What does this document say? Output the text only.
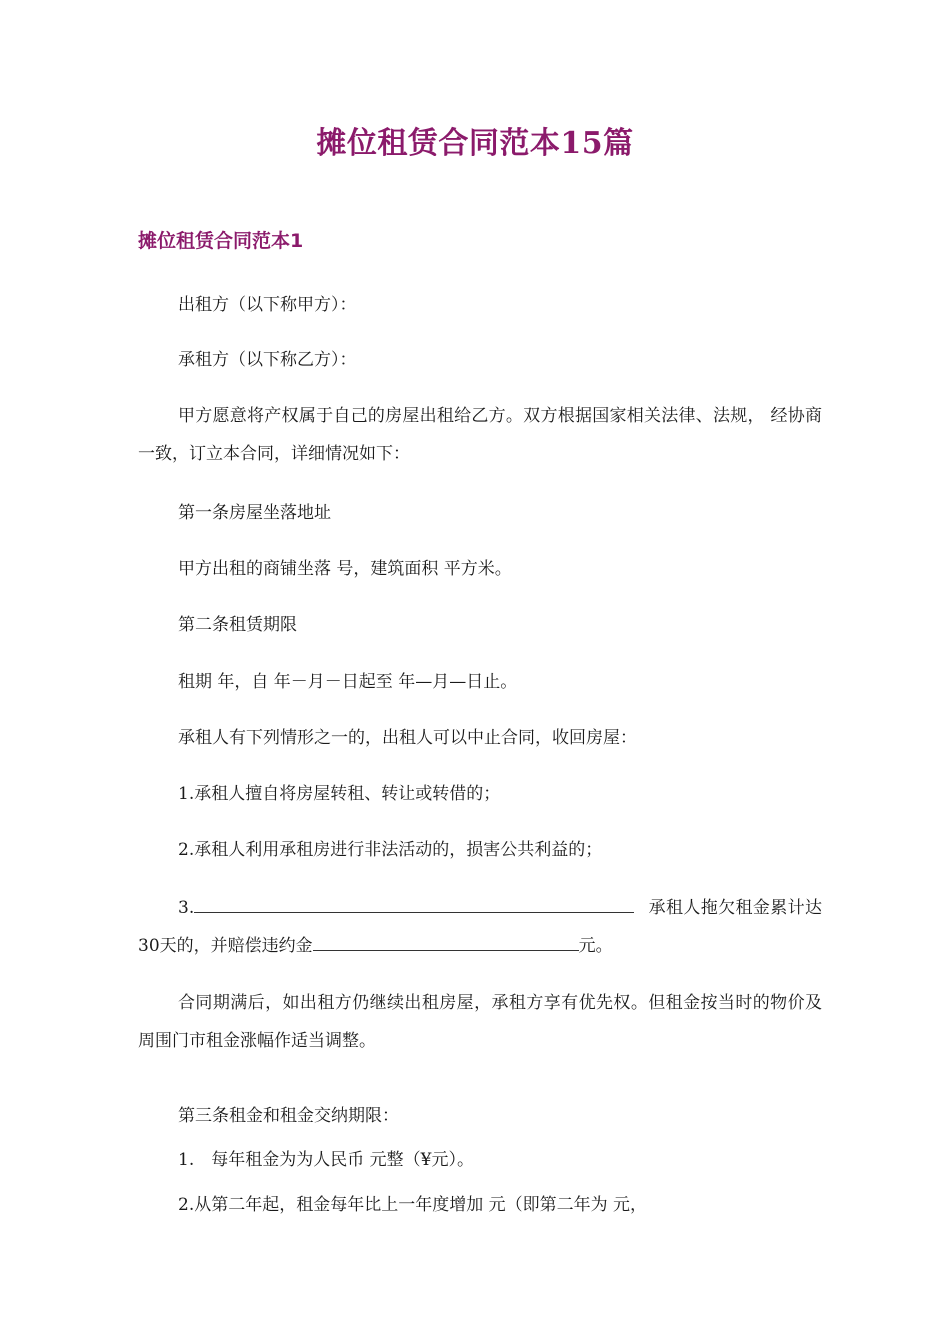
摊位租赁合同范本15篇
摊位租赁合同范本1

出租方（以下称甲方）：

承租方（以下称乙方）：

甲方愿意将产权属于自己的房屋出租给乙方。双方根据国家相关法律、法规， 经协商一致，订立本合同，详细情况如下：

第一条房屋坐落地址

甲方出租的商铺坐落 号，建筑面积 平方米。

第二条租赁期限

租期 年，自 年－月－日起至 年—月—日止。

承租人有下列情形之一的，出租人可以中止合同，收回房屋：

1.承租人擅自将房屋转租、转让或转借的；

2.承租人利用承租房进行非法活动的，损害公共利益的；

3.	承租人拖欠租金累计达30天的，并赔偿违约金	元。

合同期满后，如出租方仍继续出租房屋，承租方享有优先权。但租金按当时的物价及周围门市租金涨幅作适当调整。

第三条租金和租金交纳期限：

1.　每年租金为为人民币 元整（¥元）。

2.从第二年起，租金每年比上一年度增加 元（即第二年为 元，
